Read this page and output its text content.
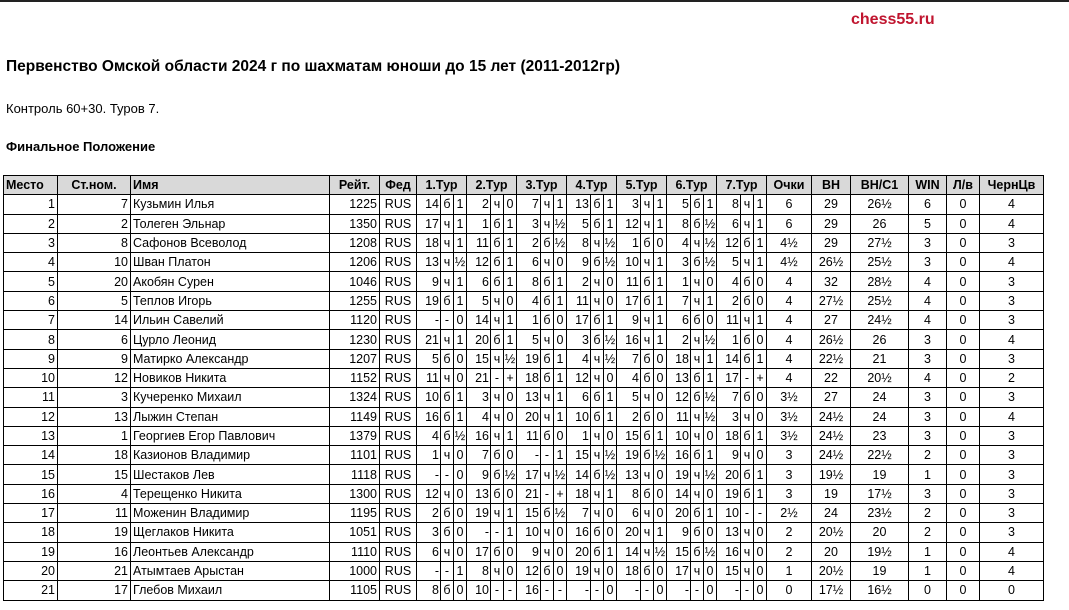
chess55.ru
Первенство Омской области 2024 г по шахматам юноши до 15 лет (2011-2012гр)
Контроль 60+30. Туров 7.
Финальное Положение
Место	Ст.ном.	Имя	Рейт.	Фед	1.Тур			2.Тур			3.Тур			4.Тур			5.Тур			6.Тур			7.Тур			Очки	ВН	ВН/С1	WIN	Л/в	ЧернЦв
1	7	Кузьмин Илья	1225	RUS	14	б	1	2	ч	0	7	ч	1	13	б	1	3	ч	1	5	б	1	8	ч	1	6	29	26½	6	0	4
2	2	Толеген Эльнар	1350	RUS	17	ч	1	1	б	1	3	ч	½	5	б	1	12	ч	1	8	б	½	6	ч	1	6	29	26	5	0	4
3	8	Сафонов Всеволод	1208	RUS	18	ч	1	11	б	1	2	б	½	8	ч	½	1	б	0	4	ч	½	12	б	1	4½	29	27½	3	0	3
4	10	Шван Платон	1206	RUS	13	ч	½	12	б	1	6	ч	0	9	б	½	10	ч	1	3	б	½	5	ч	1	4½	26½	25½	3	0	4
5	20	Акобян Сурен	1046	RUS	9	ч	1	6	б	1	8	б	1	2	ч	0	11	б	1	1	ч	0	4	б	0	4	32	28½	4	0	3
6	5	Теплов Игорь	1255	RUS	19	б	1	5	ч	0	4	б	1	11	ч	0	17	б	1	7	ч	1	2	б	0	4	27½	25½	4	0	3
7	14	Ильин Савелий	1120	RUS	-	-	0	14	ч	1	1	б	0	17	б	1	9	ч	1	6	б	0	11	ч	1	4	27	24½	4	0	3
8	6	Цурло Леонид	1230	RUS	21	ч	1	20	б	1	5	ч	0	3	б	½	16	ч	1	2	ч	½	1	б	0	4	26½	26	3	0	4
9	9	Матирко Александр	1207	RUS	5	б	0	15	ч	½	19	б	1	4	ч	½	7	б	0	18	ч	1	14	б	1	4	22½	21	3	0	3
10	12	Новиков Никита	1152	RUS	11	ч	0	21	-	+	18	б	1	12	ч	0	4	б	0	13	б	1	17	-	+	4	22	20½	4	0	2
11	3	Кучеренко Михаил	1324	RUS	10	б	1	3	ч	0	13	ч	1	6	б	1	5	ч	0	12	б	½	7	б	0	3½	27	24	3	0	3
12	13	Лыжин Степан	1149	RUS	16	б	1	4	ч	0	20	ч	1	10	б	1	2	б	0	11	ч	½	3	ч	0	3½	24½	24	3	0	4
13	1	Георгиев Егор Павлович	1379	RUS	4	б	½	16	ч	1	11	б	0	1	ч	0	15	б	1	10	ч	0	18	б	1	3½	24½	23	3	0	3
14	18	Казионов Владимир	1101	RUS	1	ч	0	7	б	0	-	-	1	15	ч	½	19	б	½	16	б	1	9	ч	0	3	24½	22½	2	0	3
15	15	Шестаков Лев	1118	RUS	-	-	0	9	б	½	17	ч	½	14	б	½	13	ч	0	19	ч	½	20	б	1	3	19½	19	1	0	3
16	4	Терещенко Никита	1300	RUS	12	ч	0	13	б	0	21	-	+	18	ч	1	8	б	0	14	ч	0	19	б	1	3	19	17½	3	0	3
17	11	Моженин Владимир	1195	RUS	2	б	0	19	ч	1	15	б	½	7	ч	0	6	ч	0	20	б	1	10	-	-	2½	24	23½	2	0	3
18	19	Щеглаков Никита	1051	RUS	3	б	0	-	-	1	10	ч	0	16	б	0	20	ч	1	9	б	0	13	ч	0	2	20½	20	2	0	3
19	16	Леонтьев Александр	1110	RUS	6	ч	0	17	б	0	9	ч	0	20	б	1	14	ч	½	15	б	½	16	ч	0	2	20	19½	1	0	4
20	21	Атымтаев Арыстан	1000	RUS	-	-	1	8	ч	0	12	б	0	19	ч	0	18	б	0	17	ч	0	15	ч	0	1	20½	19	1	0	4
21	17	Глебов Михаил	1105	RUS	8	б	0	10	-	-	16	-	-	-	-	0	-	-	0	-	-	0	-	-	0	0	17½	16½	0	0	0
